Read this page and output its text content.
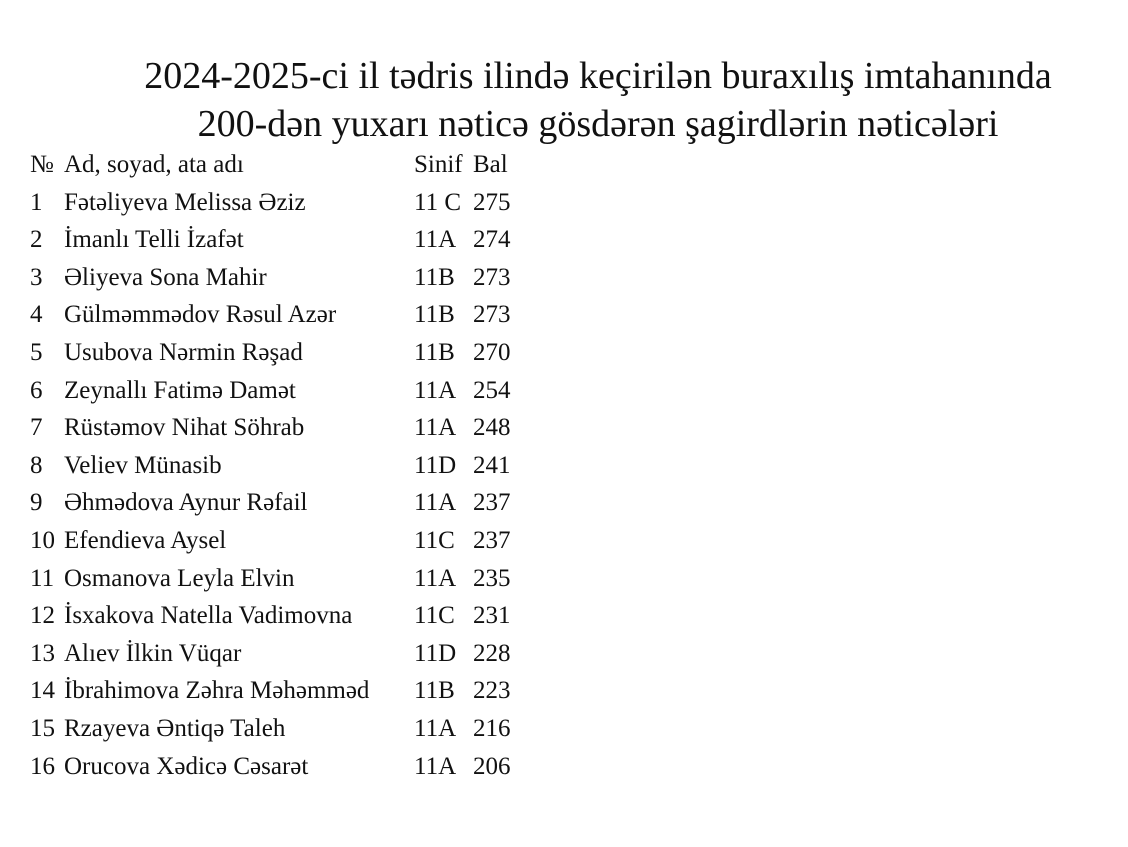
2024-2025-ci il tədris ilində keçirilən buraxılış imtahanında
200-dən yuxarı nəticə gösdərən şagirdlərin nəticələri
№	Ad, soyad, ata adı	Sinif	Bal
1	Fətəliyeva Melissa Əziz	11 C	275
2	İmanlı Telli İzafət	11A	274
3	Əliyeva Sona Mahir	11B	273
4	Gülməmmədov Rəsul Azər	11B	273
5	Usubova Nərmin Rəşad	11B	270
6	Zeynallı Fatimə Damət	11A	254
7	Rüstəmov Nihat Söhrab	11A	248
8	Veliev Münasib	11D	241
9	Əhmədova Aynur Rəfail	11A	237
10	Efendieva Aysel	11C	237
11	Osmanova Leyla Elvin	11A	235
12	İsxakova Natella Vadimovna	11C	231
13	Alıev İlkin Vüqar	11D	228
14	İbrahimova Zəhra Məhəmməd	11B	223
15	Rzayeva Əntiqə Taleh	11A	216
16	Orucova Xədicə Cəsarət	11A	206
